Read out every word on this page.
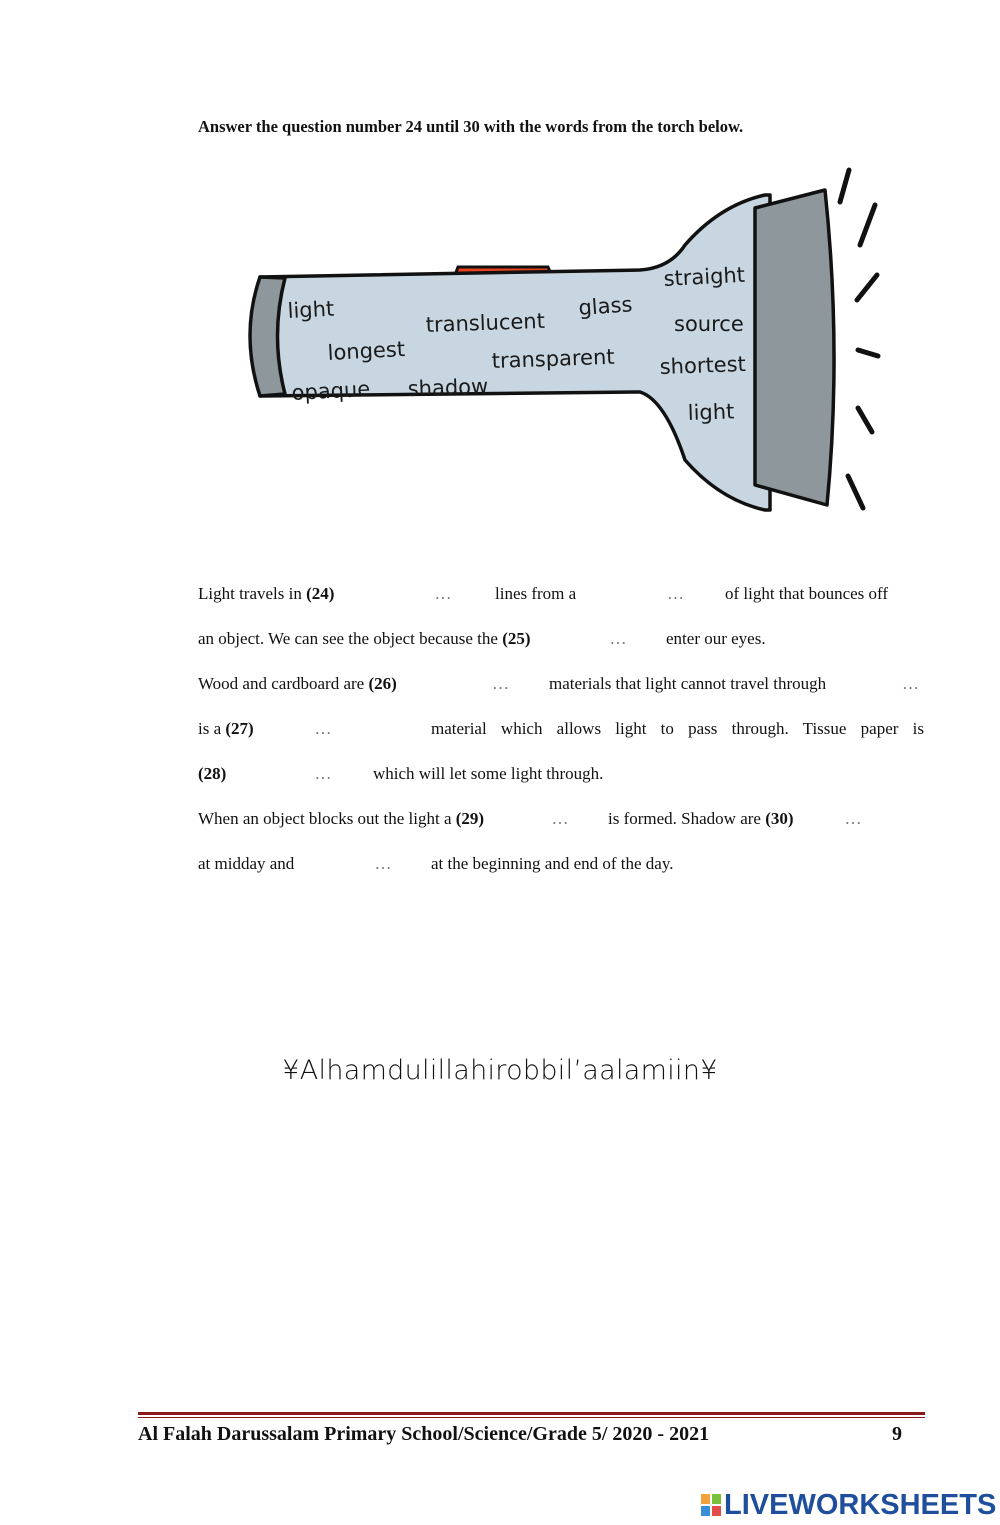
Answer the question number 24 until 30 with the words from the torch below.
light	translucent
glass
longest	transparent
opaque shadow
straight
source
shortest
light
Light travels in (24)
…	lines from a
…	of light that bounces off
an object. We can see the object because the (25)
…	enter our eyes.
Wood and cardboard are (26)
…	materials that light cannot travel through
…
is a (27)
…	material which allows light to pass through. Tissue paper is
(28)
…	which will let some light through.
When an object blocks out the light a (29)
…	is formed. Shadow are (30)
…
at midday and
…	at the beginning and end of the day.
¥Alhamdulillahirobbil’aalamiin¥
Al Falah Darussalam Primary School/Science/Grade 5/ 2020 - 2021	9
LIVEWORKSHEETS
